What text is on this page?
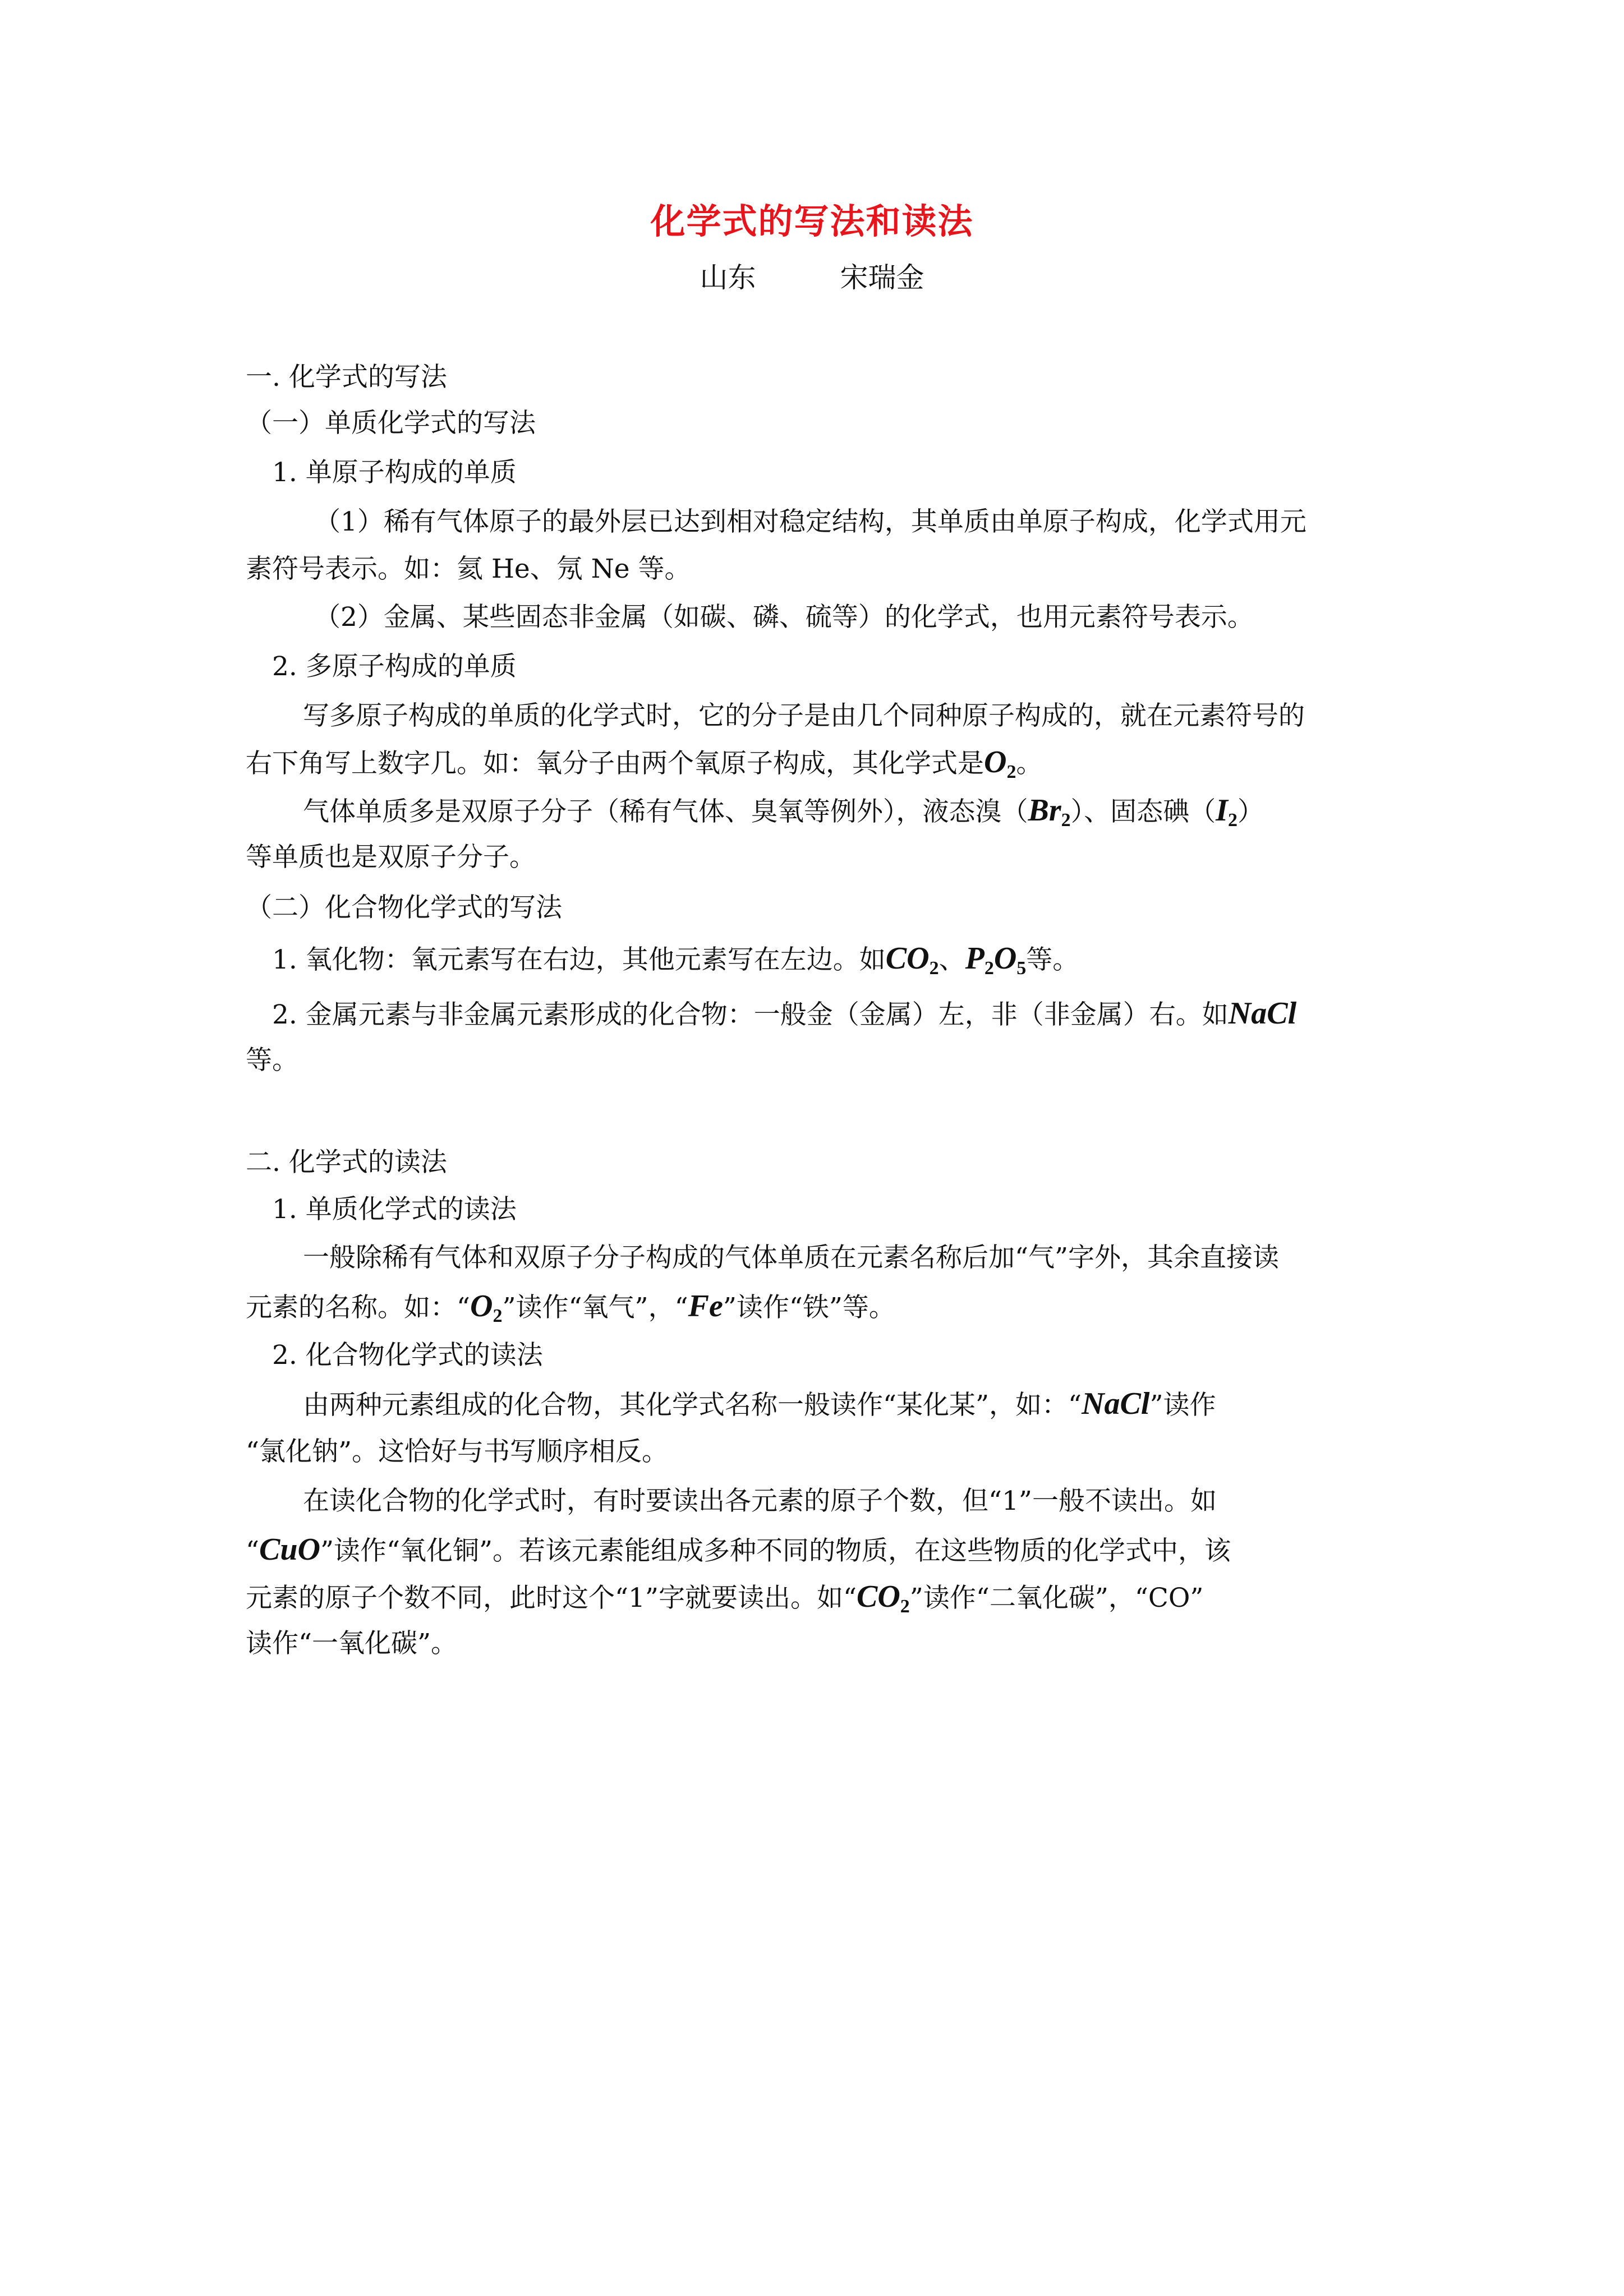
化学式的写法和读法
山东　　　宋瑞金
一. 化学式的写法
（一）单质化学式的写法
1. 单原子构成的单质
（1）稀有气体原子的最外层已达到相对稳定结构，其单质由单原子构成，化学式用元
素符号表示。如：氦 He、氖 Ne 等。
（2）金属、某些固态非金属（如碳、磷、硫等）的化学式，也用元素符号表示。
2. 多原子构成的单质
写多原子构成的单质的化学式时，它的分子是由几个同种原子构成的，就在元素符号的
右下角写上数字几。如：氧分子由两个氧原子构成，其化学式是$O_2$。
气体单质多是双原子分子（稀有气体、臭氧等例外），液态溴$(Br_2)$、固态碘$(I_2)$
等单质也是双原子分子。
（二）化合物化学式的写法
1. 氧化物：氧元素写在右边，其他元素写在左边。如$CO_2$、$P_2O_5$等。
2. 金属元素与非金属元素形成的化合物：一般金（金属）左，非（非金属）右。如NaCl
等。
二. 化学式的读法
1. 单质化学式的读法
一般除稀有气体和双原子分子构成的气体单质在元素名称后加“气”字外，其余直接读
元素的名称。如：“$O_2$”读作“氧气”，“Fe”读作“铁”等。
2. 化合物化学式的读法
由两种元素组成的化合物，其化学式名称一般读作“某化某”，如：“NaCl”读作
“氯化钠”。这恰好与书写顺序相反。
在读化合物的化学式时，有时要读出各元素的原子个数，但“1”一般不读出。如
“CuO”读作“氧化铜”。若该元素能组成多种不同的物质，在这些物质的化学式中，该
元素的原子个数不同，此时这个“1”字就要读出。如“$CO_2$”读作“二氧化碳”，“CO”
读作“一氧化碳”。
